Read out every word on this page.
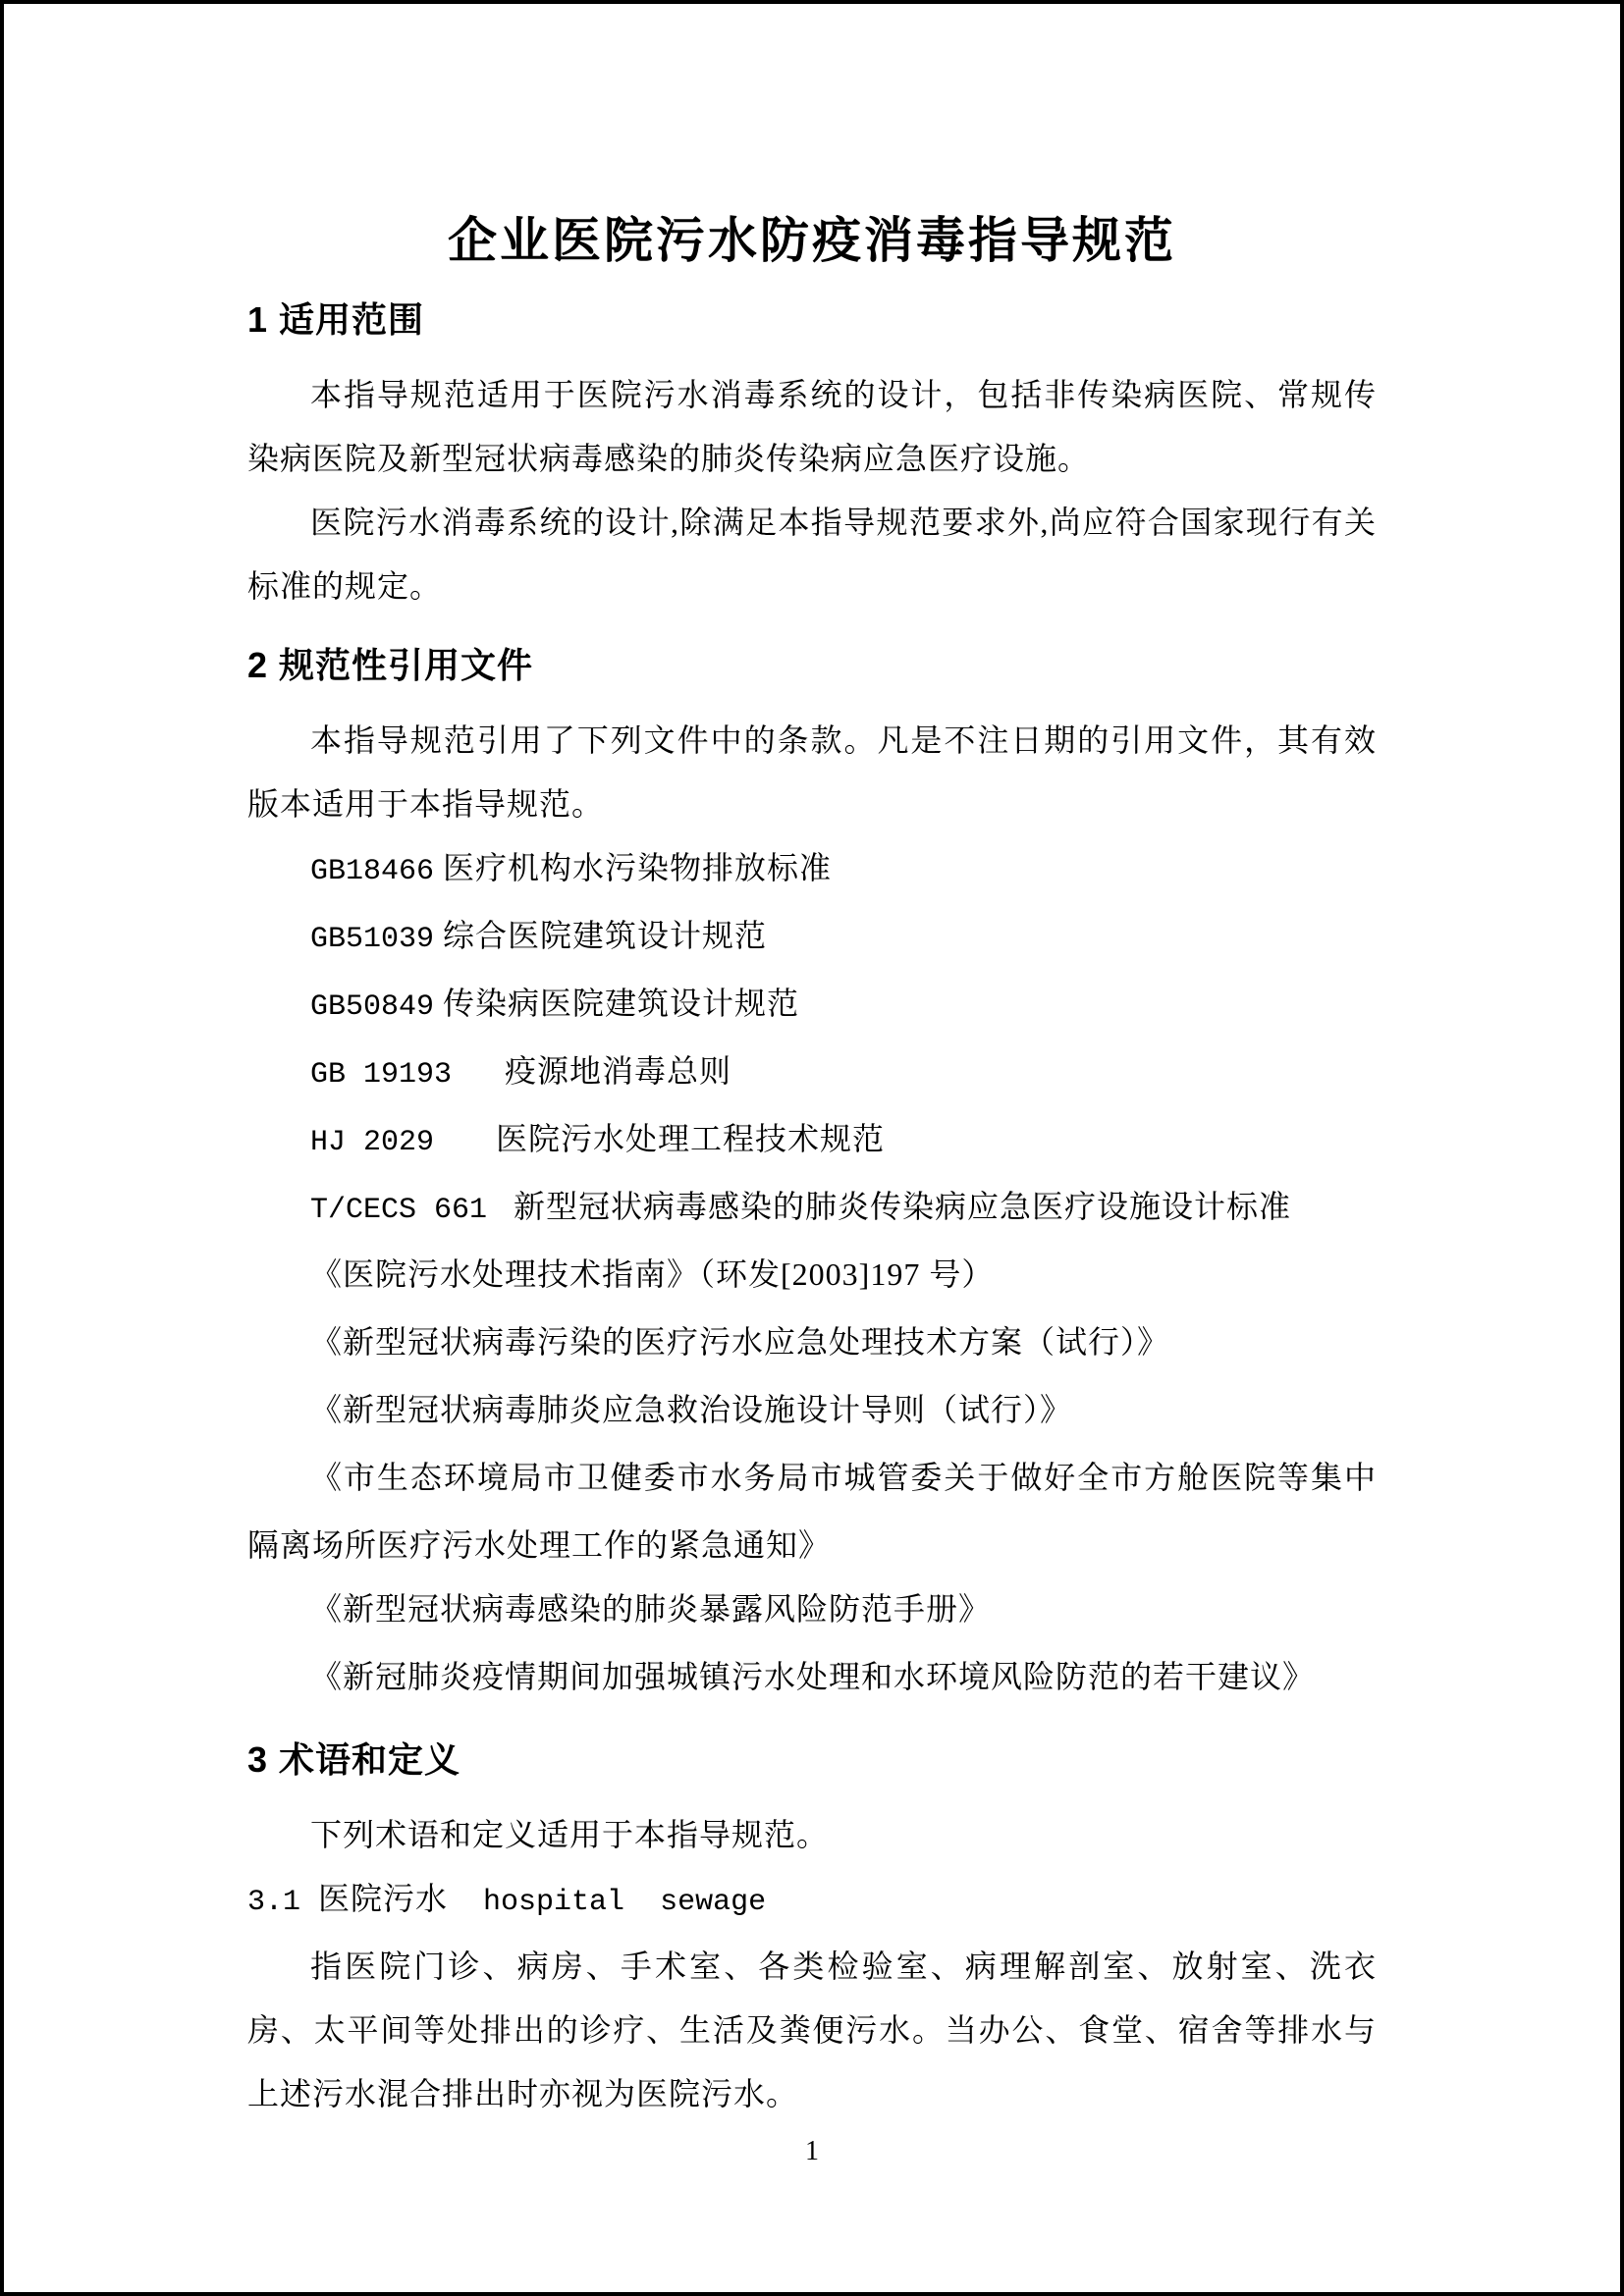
企业医院污水防疫消毒指导规范
1 适用范围

本指导规范适用于医院污水消毒系统的设计，包括非传染病医院、常规传染病医院及新型冠状病毒感染的肺炎传染病应急医疗设施。

医院污水消毒系统的设计,除满足本指导规范要求外,尚应符合国家现行有关标准的规定。

2 规范性引用文件

本指导规范引用了下列文件中的条款。凡是不注日期的引用文件，其有效版本适用于本指导规范。

GB18466 医疗机构水污染物排放标准

GB51039 综合医院建筑设计规范

GB50849 传染病医院建筑设计规范

GB 19193      疫源地消毒总则

HJ 2029       医院污水处理工程技术规范

T/CECS 661   新型冠状病毒感染的肺炎传染病应急医疗设施设计标准

《医院污水处理技术指南》（环发[2003]197 号）

《新型冠状病毒污染的医疗污水应急处理技术方案（试行）》

《新型冠状病毒肺炎应急救治设施设计导则（试行）》

《市生态环境局市卫健委市水务局市城管委关于做好全市方舱医院等集中隔离场所医疗污水处理工作的紧急通知》

《新型冠状病毒感染的肺炎暴露风险防范手册》

《新冠肺炎疫情期间加强城镇污水处理和水环境风险防范的若干建议》

3 术语和定义

下列术语和定义适用于本指导规范。

3.1 医院污水  hospital  sewage

指医院门诊、病房、手术室、各类检验室、病理解剖室、放射室、洗衣房、太平间等处排出的诊疗、生活及粪便污水。当办公、食堂、宿舍等排水与上述污水混合排出时亦视为医院污水。

1
